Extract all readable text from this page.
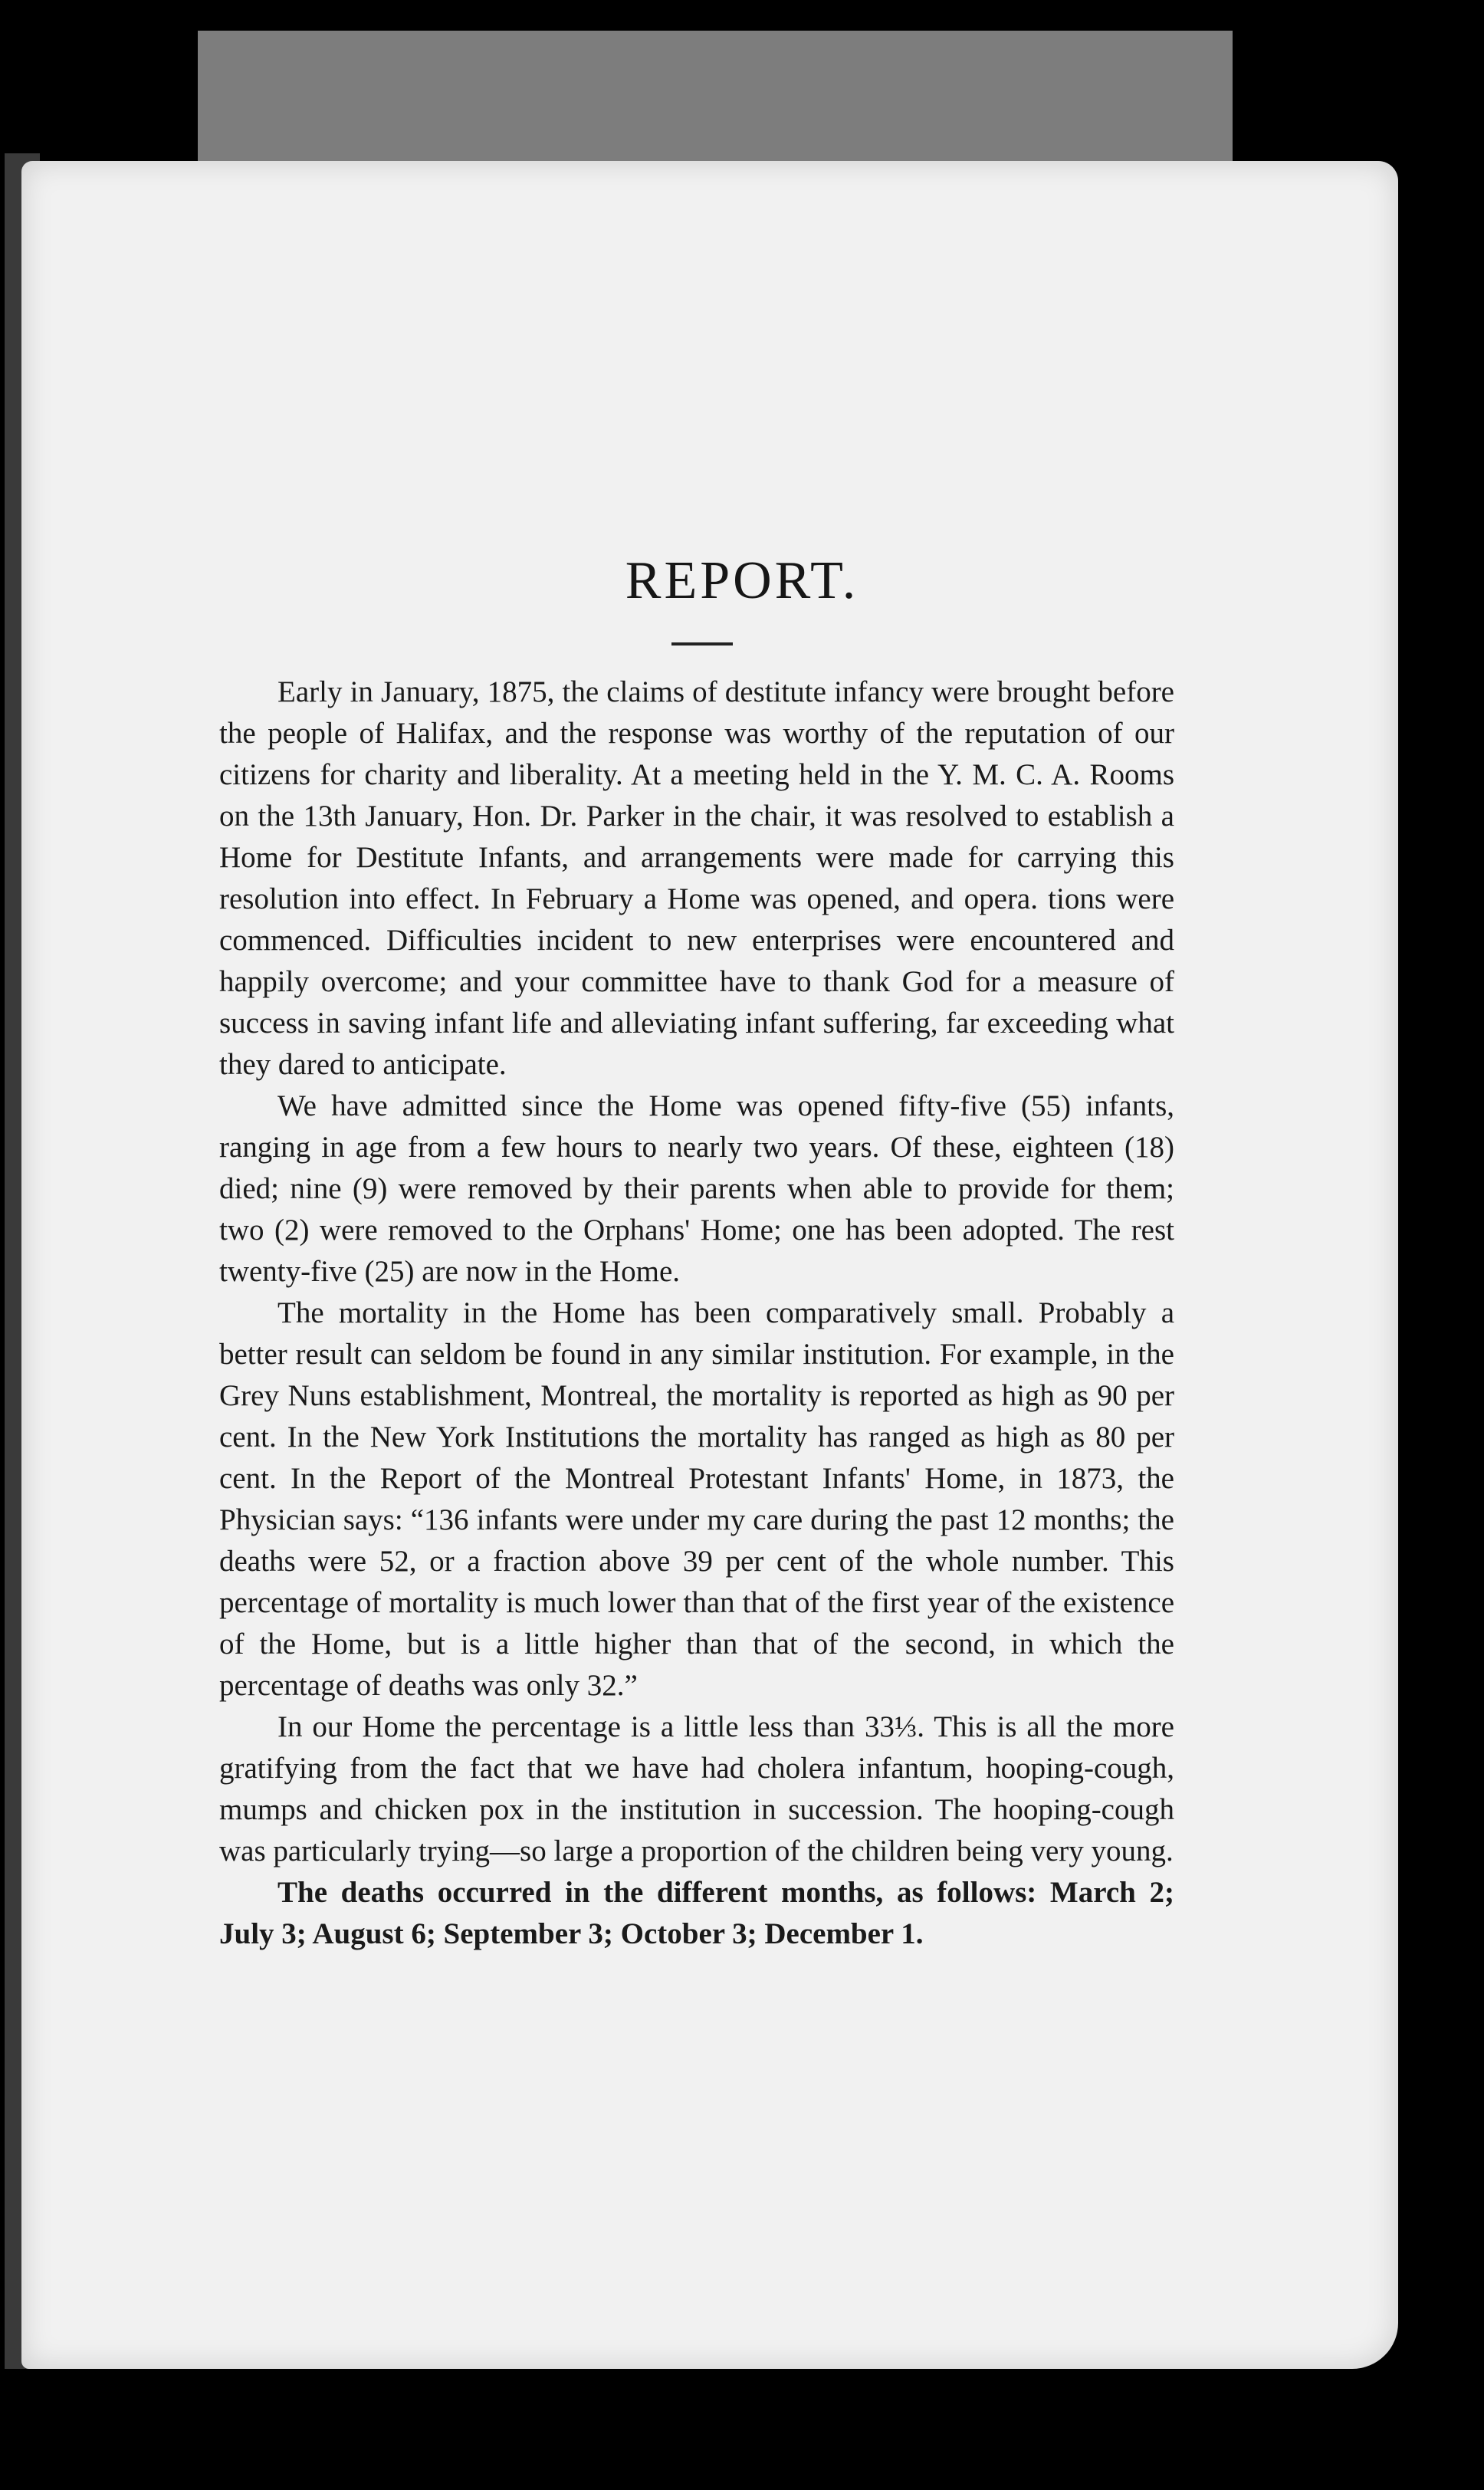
REPORT.

Early in January, 1875, the claims of destitute infancy were brought before the people of Halifax, and the response was worthy of the reputation of our citizens for charity and liberality. At a meeting held in the Y. M. C. A. Rooms on the 13th January, Hon. Dr. Parker in the chair, it was resolved to establish a Home for Destitute Infants, and arrangements were made for carrying this resolution into effect. In February a Home was opened, and opera. tions were commenced. Difficulties incident to new enterprises were encountered and happily overcome; and your committee have to thank God for a measure of success in saving infant life and alleviating infant suffering, far exceeding what they dared to anticipate.

We have admitted since the Home was opened fifty-five (55) infants, ranging in age from a few hours to nearly two years. Of these, eighteen (18) died; nine (9) were removed by their parents when able to provide for them; two (2) were removed to the Orphans' Home; one has been adopted. The rest twenty-five (25) are now in the Home.

The mortality in the Home has been comparatively small. Probably a better result can seldom be found in any similar institution. For example, in the Grey Nuns establishment, Montreal, the mortality is reported as high as 90 per cent. In the New York Institutions the mortality has ranged as high as 80 per cent. In the Report of the Montreal Protestant Infants' Home, in 1873, the Physician says: “136 infants were under my care during the past 12 months; the deaths were 52, or a fraction above 39 per cent of the whole number. This percentage of mortality is much lower than that of the first year of the existence of the Home, but is a little higher than that of the second, in which the percentage of deaths was only 32.”

In our Home the percentage is a little less than 33⅓. This is all the more gratifying from the fact that we have had cholera infantum, hooping-cough, mumps and chicken pox in the institution in succession. The hooping-cough was particularly trying—so large a proportion of the children being very young.

The deaths occurred in the different months, as follows: March 2; July 3; August 6; September 3; October 3; December 1.
